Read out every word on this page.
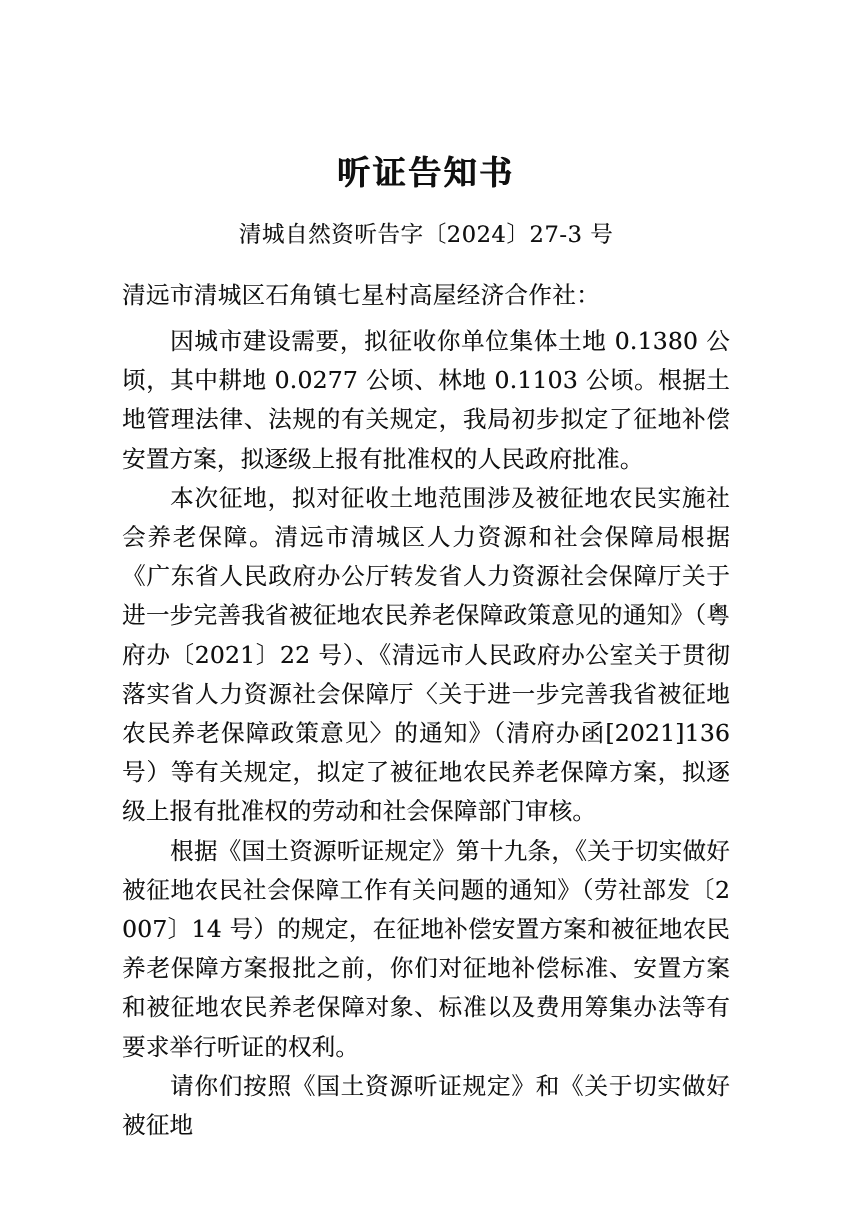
听证告知书
清城自然资听告字〔2024〕27-3 号
清远市清城区石角镇七星村高屋经济合作社：

因城市建设需要，拟征收你单位集体土地 0.1380 公顷，其中耕地 0.0277 公顷、林地 0.1103 公顷。根据土地管理法律、法规的有关规定，我局初步拟定了征地补偿安置方案，拟逐级上报有批准权的人民政府批准。

本次征地，拟对征收土地范围涉及被征地农民实施社会养老保障。清远市清城区人力资源和社会保障局根据《广东省人民政府办公厅转发省人力资源社会保障厅关于进一步完善我省被征地农民养老保障政策意见的通知》（粤府办〔2021〕22 号）、《清远市人民政府办公室关于贯彻落实省人力资源社会保障厅〈关于进一步完善我省被征地农民养老保障政策意见〉的通知》（清府办函[2021]136 号）等有关规定，拟定了被征地农民养老保障方案，拟逐级上报有批准权的劳动和社会保障部门审核。

根据《国土资源听证规定》第十九条，《关于切实做好被征地农民社会保障工作有关问题的通知》（劳社部发〔2007〕14 号）的规定，在征地补偿安置方案和被征地农民养老保障方案报批之前，你们对征地补偿标准、安置方案和被征地农民养老保障对象、标准以及费用筹集办法等有要求举行听证的权利。

请你们按照《国土资源听证规定》和《关于切实做好被征地
